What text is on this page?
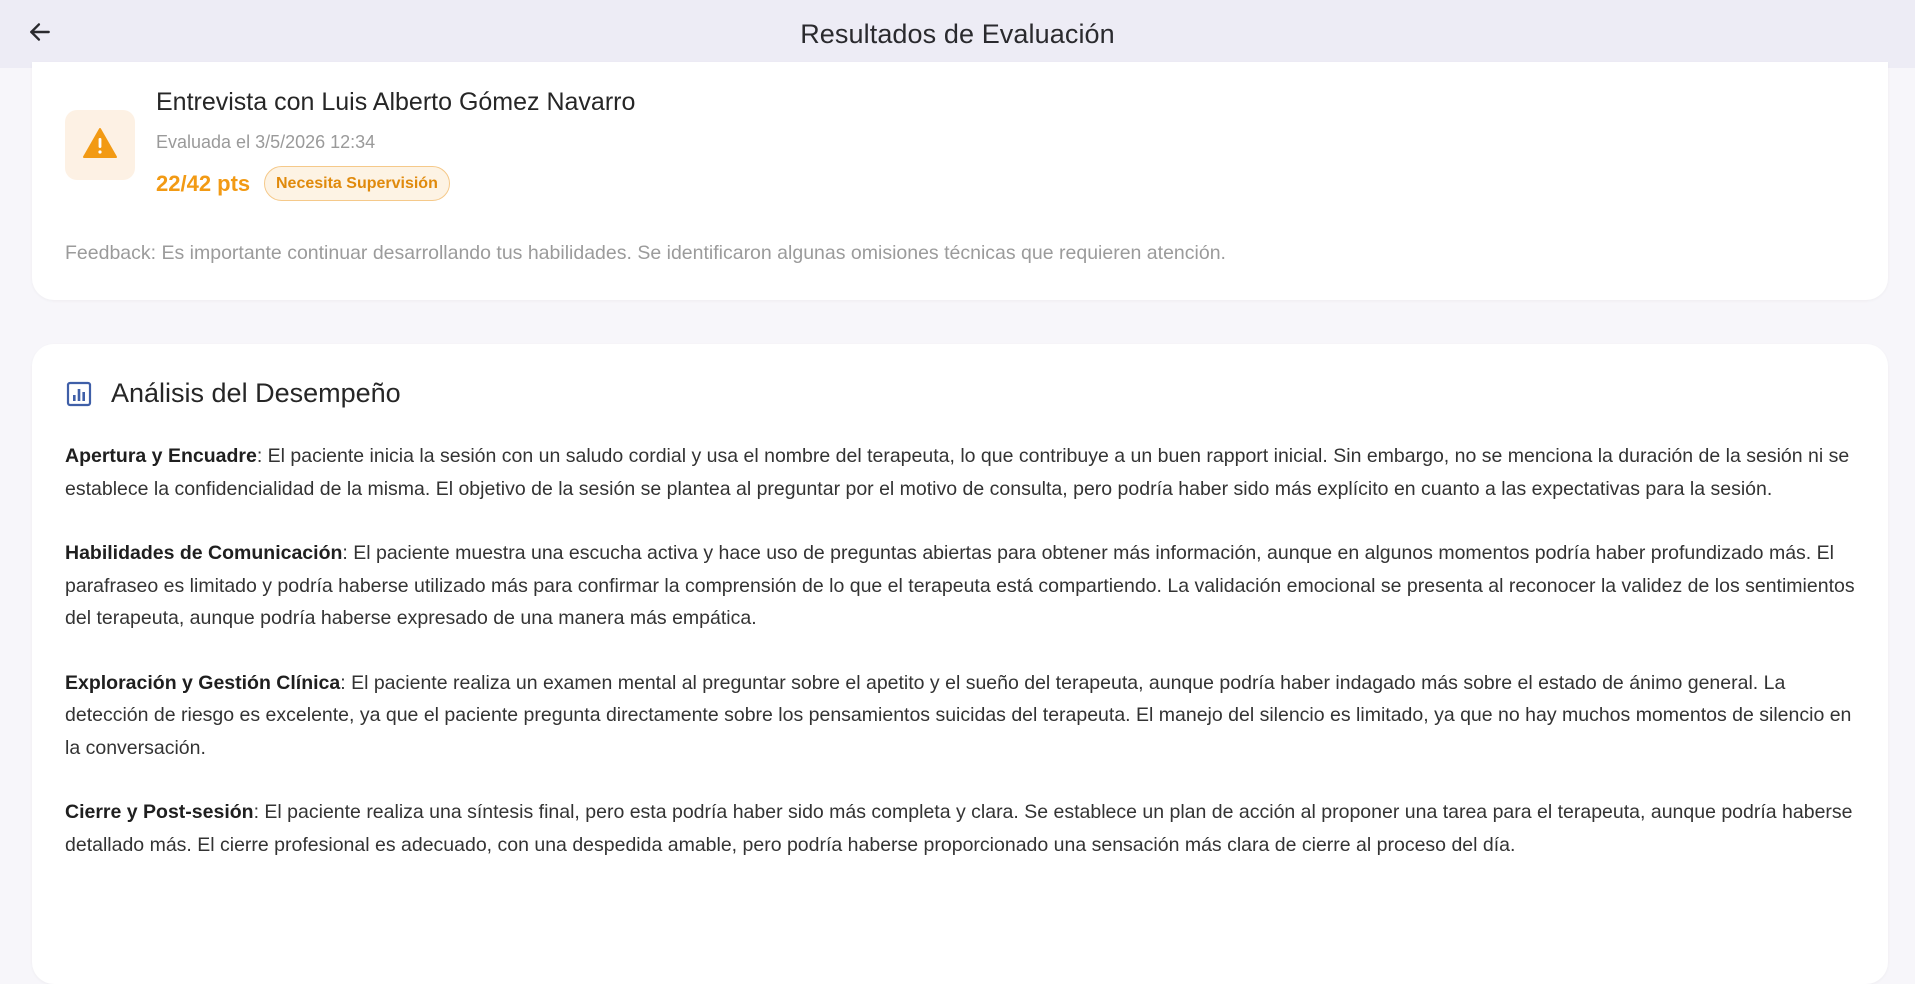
Resultados de Evaluación
Entrevista con Luis Alberto Gómez Navarro
Evaluada el 3/5/2026 12:34
22/42 pts	Necesita Supervisión
Feedback: Es importante continuar desarrollando tus habilidades. Se identificaron algunas omisiones técnicas que requieren atención.
Análisis del Desempeño

Apertura y Encuadre: El paciente inicia la sesión con un saludo cordial y usa el nombre del terapeuta, lo que contribuye a un buen rapport inicial. Sin embargo, no se menciona la duración de la sesión ni se establece la confidencialidad de la misma. El objetivo de la sesión se plantea al preguntar por el motivo de consulta, pero podría haber sido más explícito en cuanto a las expectativas para la sesión.

Habilidades de Comunicación: El paciente muestra una escucha activa y hace uso de preguntas abiertas para obtener más información, aunque en algunos momentos podría haber profundizado más. El parafraseo es limitado y podría haberse utilizado más para confirmar la comprensión de lo que el terapeuta está compartiendo. La validación emocional se presenta al reconocer la validez de los sentimientos del terapeuta, aunque podría haberse expresado de una manera más empática.

Exploración y Gestión Clínica: El paciente realiza un examen mental al preguntar sobre el apetito y el sueño del terapeuta, aunque podría haber indagado más sobre el estado de ánimo general. La detección de riesgo es excelente, ya que el paciente pregunta directamente sobre los pensamientos suicidas del terapeuta. El manejo del silencio es limitado, ya que no hay muchos momentos de silencio en la conversación.

Cierre y Post-sesión: El paciente realiza una síntesis final, pero esta podría haber sido más completa y clara. Se establece un plan de acción al proponer una tarea para el terapeuta, aunque podría haberse detallado más. El cierre profesional es adecuado, con una despedida amable, pero podría haberse proporcionado una sensación más clara de cierre al proceso del día.
